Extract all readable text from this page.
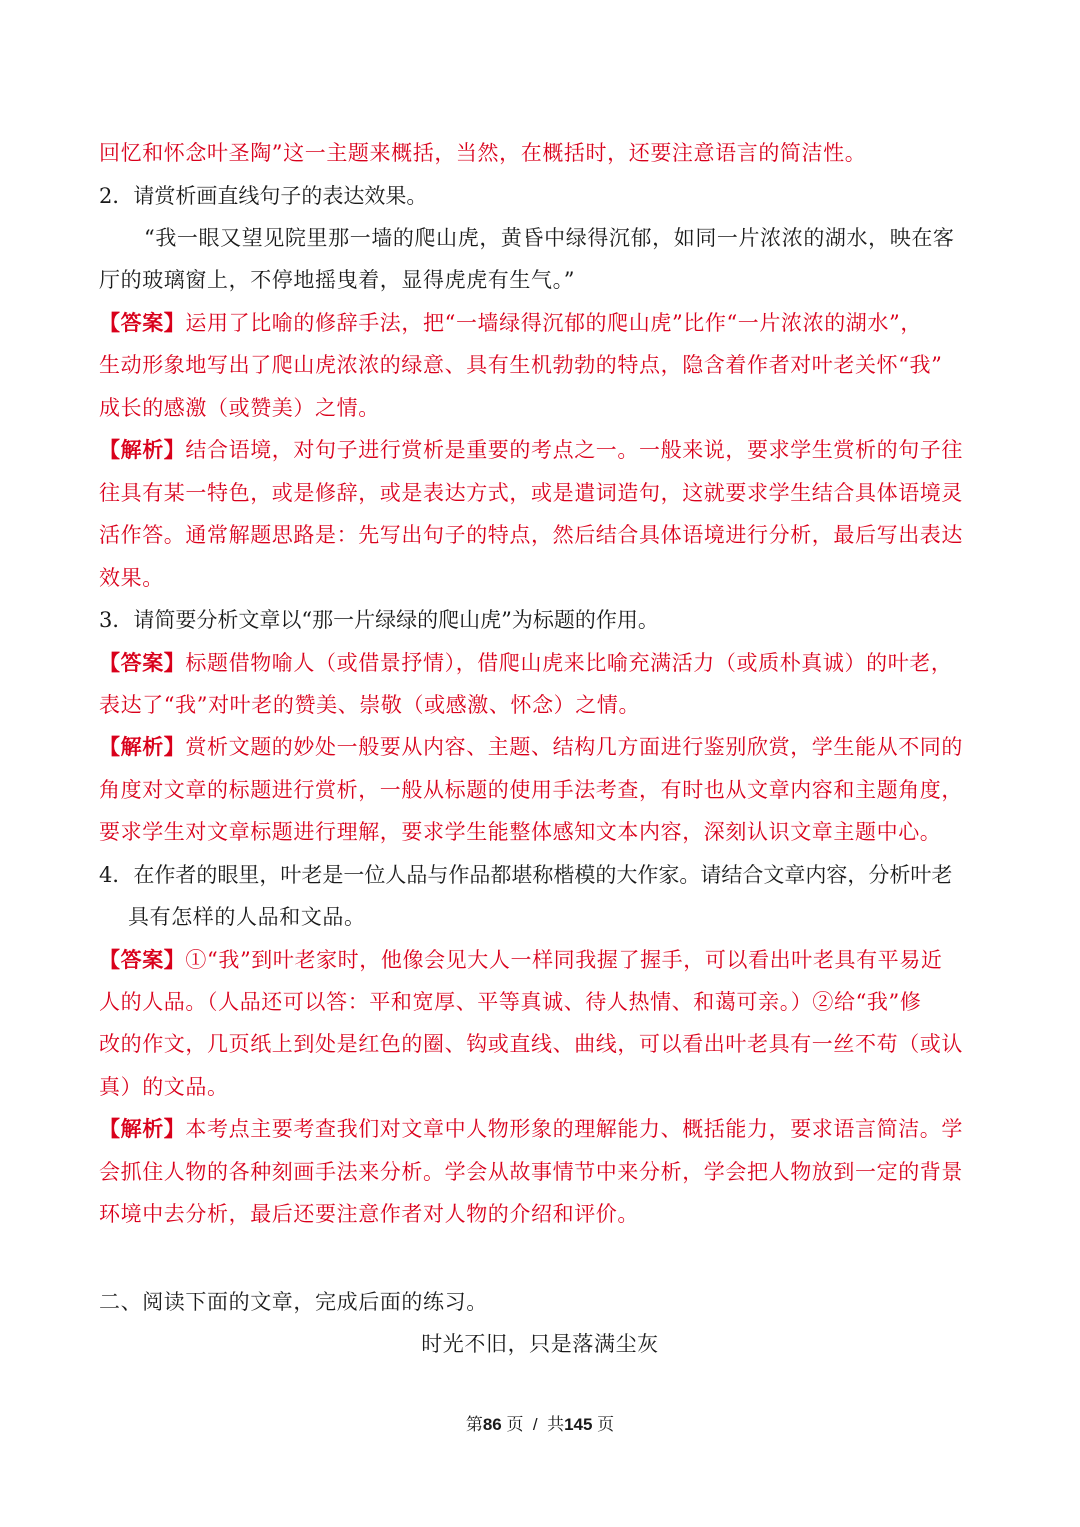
回忆和怀念叶圣陶”这一主题来概括，当然，在概括时，还要注意语言的简洁性。
2．请赏析画直线句子的表达效果。
“我一眼又望见院里那一墙的爬山虎，黄昏中绿得沉郁，如同一片浓浓的湖水，映在客
厅的玻璃窗上，不停地摇曳着，显得虎虎有生气。”
【答案】运用了比喻的修辞手法，把“一墙绿得沉郁的爬山虎”比作“一片浓浓的湖水”，
生动形象地写出了爬山虎浓浓的绿意、具有生机勃勃的特点，隐含着作者对叶老关怀“我”
成长的感激（或赞美）之情。
【解析】结合语境，对句子进行赏析是重要的考点之一。一般来说，要求学生赏析的句子往
往具有某一特色，或是修辞，或是表达方式，或是遣词造句，这就要求学生结合具体语境灵
活作答。通常解题思路是：先写出句子的特点，然后结合具体语境进行分析，最后写出表达
效果。
3．请简要分析文章以“那一片绿绿的爬山虎”为标题的作用。
【答案】标题借物喻人（或借景抒情），借爬山虎来比喻充满活力（或质朴真诚）的叶老，
表达了“我”对叶老的赞美、崇敬（或感激、怀念）之情。
【解析】赏析文题的妙处一般要从内容、主题、结构几方面进行鉴别欣赏，学生能从不同的
角度对文章的标题进行赏析，一般从标题的使用手法考查，有时也从文章内容和主题角度，
要求学生对文章标题进行理解，要求学生能整体感知文本内容，深刻认识文章主题中心。
4．在作者的眼里，叶老是一位人品与作品都堪称楷模的大作家。请结合文章内容，分析叶老
具有怎样的人品和文品。
【答案】①“我”到叶老家时，他像会见大人一样同我握了握手，可以看出叶老具有平易近
人的人品。（人品还可以答：平和宽厚、平等真诚、待人热情、和蔼可亲。）②给“我”修
改的作文，几页纸上到处是红色的圈、钩或直线、曲线，可以看出叶老具有一丝不苟（或认
真）的文品。
【解析】本考点主要考查我们对文章中人物形象的理解能力、概括能力，要求语言简洁。学
会抓住人物的各种刻画手法来分析。学会从故事情节中来分析，学会把人物放到一定的背景
环境中去分析，最后还要注意作者对人物的介绍和评价。
二、阅读下面的文章，完成后面的练习。
时光不旧，只是落满尘灰
第86 页  /  共145 页
